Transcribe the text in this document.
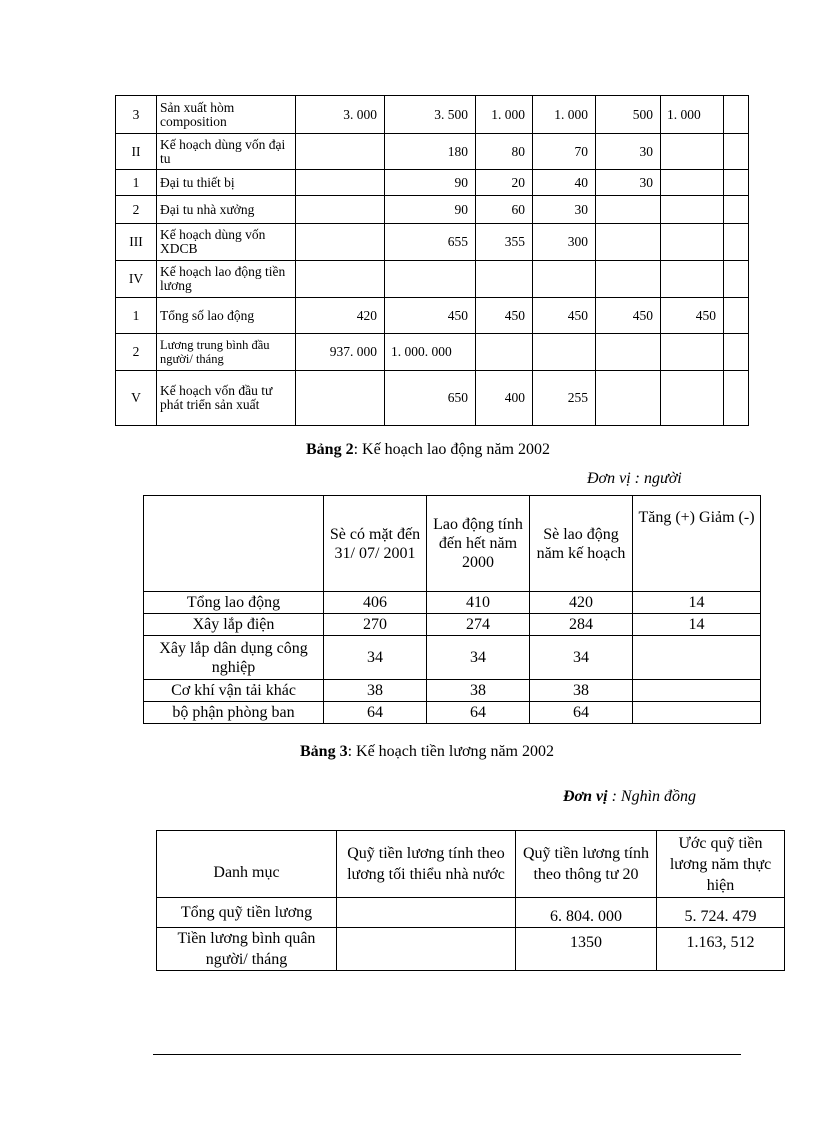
3	Sản xuất hòm composition	3. 000	3. 500	1. 000	1. 000	500	1. 000	
II	Kế hoạch dùng vốn đại tu		180	80	70	30		
1	Đại tu thiết bị		90	20	40	30		
2	Đại tu nhà xưởng		90	60	30			
III	Kế hoạch dùng vốn XDCB		655	355	300			
IV	Kế hoạch lao động tiền lương							
1	Tổng số lao động	420	450	450	450	450	450	
2	Lương trung bình đầu người/ tháng	937. 000	1. 000. 000					
V	Kế hoạch vốn đầu tư phát triển sản xuất		650	400	255			
Bảng 2: Kế hoạch lao động năm 2002
Đơn vị : người
	Sè có mặt đến 31/ 07/ 2001	Lao động tính đến hết năm 2000	Sè lao động năm kế hoạch	Tăng (+) Giảm (-)
Tổng lao động	406	410	420	14
Xây lắp điện	270	274	284	14
Xây lắp dân dụng công nghiệp	34	34	34	
Cơ khí vận tải khác	38	38	38	
bộ phận phòng ban	64	64	64	
Bảng 3: Kế hoạch tiền lương năm 2002
Đơn vị : Nghìn đồng
Danh mục	Quỹ tiền lương tính theo lương tối thiểu nhà nước	Quỹ tiền lương tính theo thông tư 20	Ước quỹ tiền lương năm thực hiện
Tổng quỹ tiền lương		6. 804. 000	5. 724. 479
Tiền lương bình quân người/ tháng		1350	1.163, 512
